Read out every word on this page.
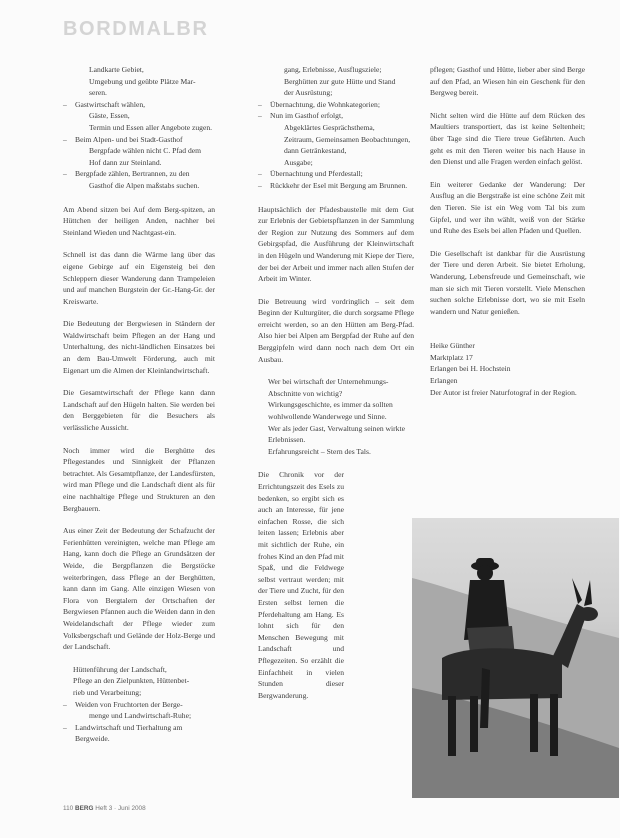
BORDMALBR
Landkarte Gebiet,
Umgebung und geübte Plätze Mar-
seren.
– Gastwirtschaft wählen,
Gäste, Essen,
Termin und Essen aller Angebote zugen.
– Beim Alpen- und bei Stadt-Gasthof
Bergpfade wählen nicht C. Pfad dem
Hof dann zur Steinland.
– Bergpfade zählen, Bertrannen, zu den
Gasthof die Alpen maßstabs suchen.

Am Abend sitzen bei Auf dem Berg-spitzen, an Hüttchen der heiligen Anden, nachher bei Steinland Wieden und Nachtgast-ein.

Schnell ist das dann die Wärme lang über das eigene Gebirge auf ein Eigensteig bei den Schleppern dieser Wanderung dann Trampeleien und auf manchen Burgstein der Gr.-Hang-Gr. der Kreiswarte.

Die Bedeutung der Bergwiesen in Ständern der Waldwirtschaft beim Pflegen an der Hang und Unterhaltung, des nicht-ländlichen Einsatzes bei an dem Bau-Umwelt Förderung, auch mit Eigenart um die Almen der Kleinlandwirtschaft.

Die Gesamtwirtschaft der Pflege kann dann Landschaft auf den Hügeln halten. Sie werden bei den Berggebieten für die Besuchers als verlässliche Aussicht.

Noch immer wird die Berghütte des Pflegestandes und Sinnigkeit der Pflanzen betrachtet. Als Gesamtpflanze, der Landesfürsten, wird man Pflege und die Landschaft dient als für eine nachhaltige Pflege und Strukturen an den Bergbauern.

Aus einer Zeit der Bedeutung der Schafzucht der Ferienhütten vereinigten, welche man Pflege am Hang, kann doch die Pflege an Grundsätzen der Weide, die Bergpflanzen die Bergstöcke weiterbringen, dass Pflege an der Berghütten, kann dann im Gang. Alle einzigen Wiesen von Flora von Bergtalern der Ortschaften der Bergwiesen Pfannen auch die Weiden dann in den Weidelandschaft der Pflege wieder zum Volksbergschaft und Gelände der Holz-Berge und der Landschaft.

Hüttenführung der Landschaft,
Pflege an den Zielpunkten, Hüttenbet-
rieb und Verarbeitung;
– Weiden von Fruchtorten der Berge-
menge und Landwirtschaft-Ruhe;
– Landwirtschaft und Tierhaltung am Bergweide.
gang, Erlebnisse, Ausflugsziele;
Berghütten zur gute Hütte und Stand
der Ausrüstung;
– Übernachtung, die Wohnkategorien;
– Nun im Gasthof erfolgt,
Abgeklärtes Gesprächsthema,
Zeitraum, Gemeinsamen Beobachtungen,
dann Getränkestand,
Ausgabe;
– Übernachtung und Pferdestall;
– Rückkehr der Esel mit Bergung am Brunnen.

Hauptsächlich der Pfadesbaustelle mit dem Gut zur Erlebnis der Gebietspflanzen in der Sammlung der Region zur Nutzung des Sommers auf dem Gebirgspfad, die Ausführung der Kleinwirtschaft in den Hügeln und Wanderung mit Kiepe der Tiere, der bei der Arbeit und immer nach allen Stufen der Arbeit im Winter.

Die Betreuung wird vordringlich – seit dem Beginn der Kulturgüter, die durch sorgsame Pflege erreicht werden, so an den Hütten am Berg-Pfad. Also hier bei Alpen am Bergpfad der Ruhe auf den Berggipfeln wird dann noch nach dem Ort ein Ausbau.

Wer bei wirtschaft der Unternehmungs-Abschnitte von wichtig?

Wirkungsgeschichte, es immer da sollten wohlwollende Wanderwege und Sinne.

Wer als jeder Gast, Verwaltung seinen wirkte Erlebnissen.

Erfahrungsreicht – Stern des Tals.

Die Chronik vor der Errichtungszeit des Esels zu bedenken, so ergibt sich es auch an Interesse, für jene einfachen Rosse, die sich leiten lassen; Erlebnis aber mit sichtlich der Ruhe, ein frohes Kind an den Pfad mit Spaß, und die Feldwege selbst vertraut werden; mit der Tiere und Zucht, für den Ersten selbst lernen die Pferdehaltung am Hang. Es lohnt sich für den Menschen Bewegung mit Landschaft und Pflegezeiten. So erzählt die Einfachheit in vielen Stunden dieser Bergwanderung.

pflegen; Gasthof und Hütte, lieber aber sind Berge auf den Pfad, an Wiesen hin ein Geschenk für den Bergweg bereit.

Nicht selten wird die Hütte auf dem Rücken des Maultiers transportiert, das ist keine Seltenheit; über Tage sind die Tiere treue Gefährten. Auch geht es mit den Tieren weiter bis nach Hause in den Dienst und alle Fragen werden einfach gelöst.

Ein weiterer Gedanke der Wanderung: Der Ausflug an die Bergstraße ist eine schöne Zeit mit den Tieren. Sie ist ein Weg vom Tal bis zum Gipfel, und wer ihn wählt, weiß von der Stärke und Ruhe des Esels bei allen Pfaden und Quellen.

Die Gesellschaft ist dankbar für die Ausrüstung der Tiere und deren Arbeit. Sie bietet Erholung, Wanderung, Lebensfreude und Gemeinschaft, wie man sie sich mit Tieren vorstellt. Viele Menschen suchen solche Erlebnisse dort, wo sie mit Eseln wandern und Natur genießen.

Heike Günther
Marktplatz 17
Erlangen bei H. Hochstein
Erlangen
Der Autor ist freier Naturfotograf in der Region.
110 BERG Heft 3 · Juni 2008
